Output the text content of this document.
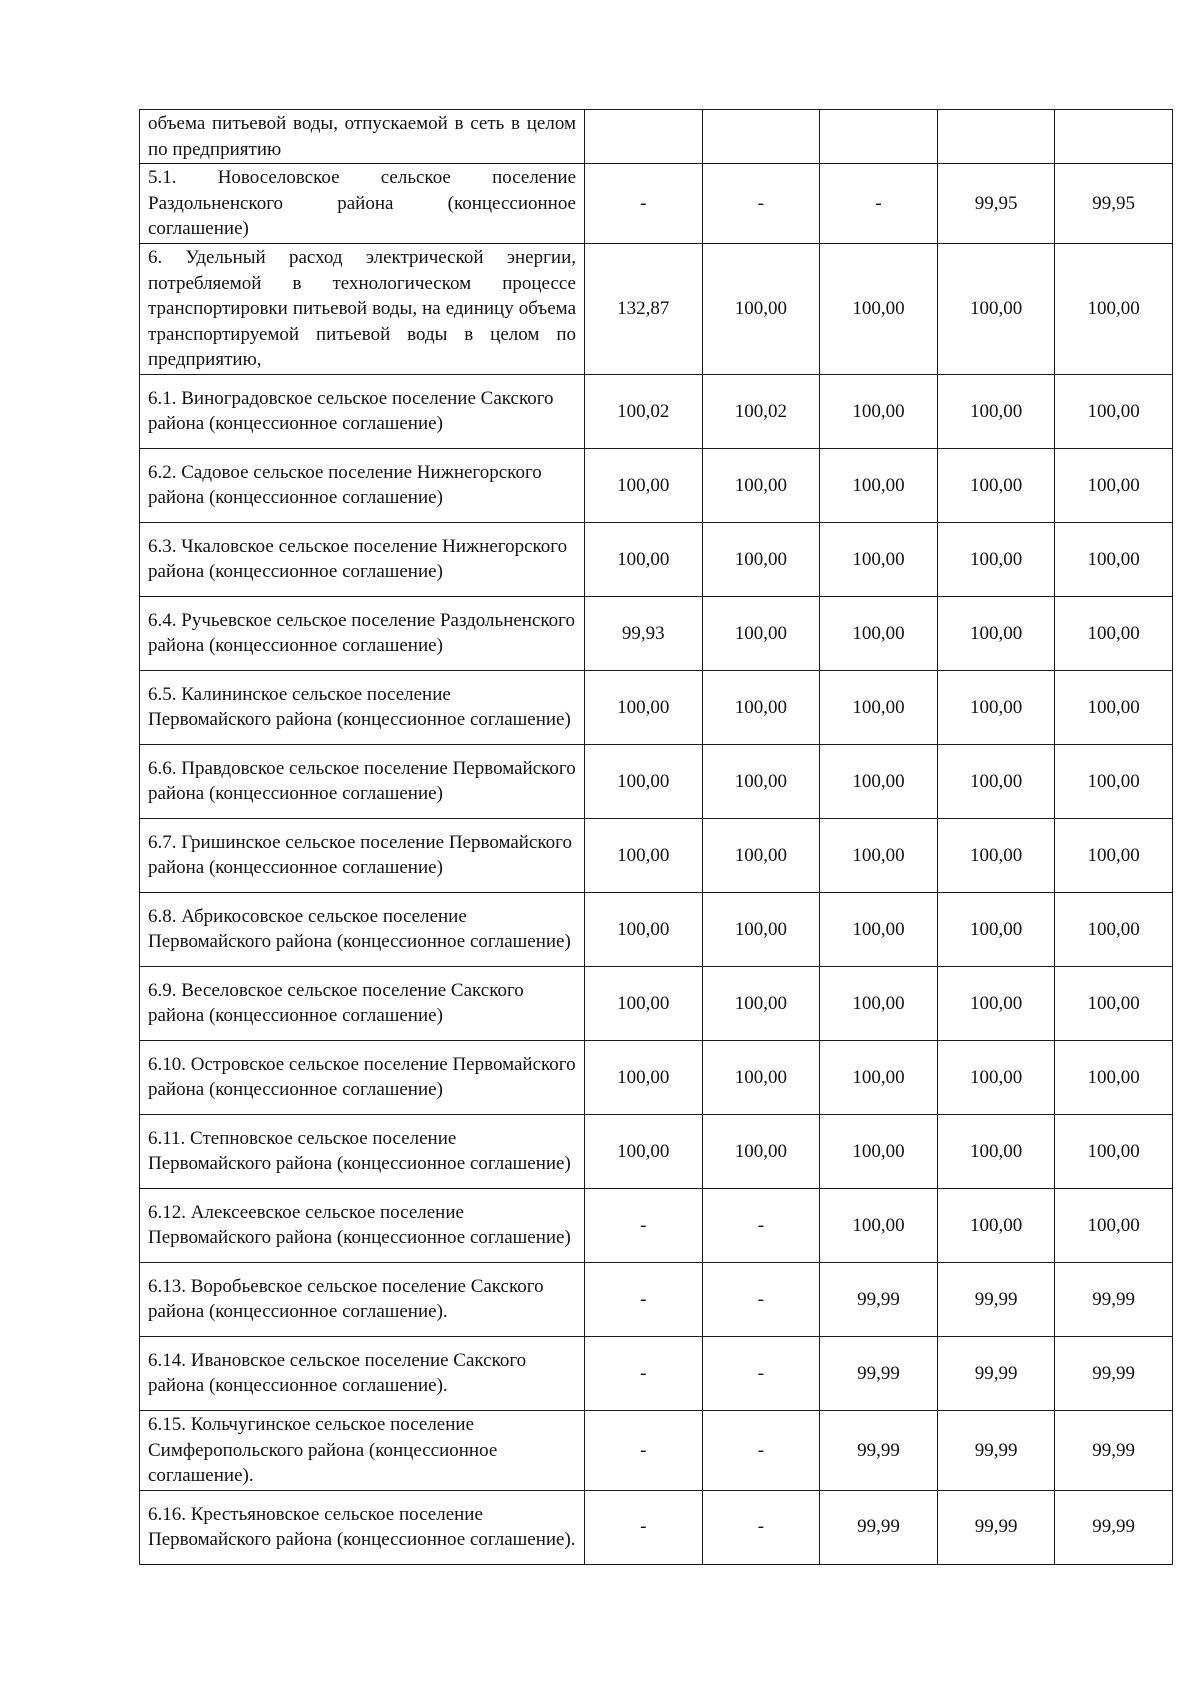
объема питьевой воды, отпускаемой в сеть в целом по предприятию					
5.1. Новоселовское сельское поселение Раздольненского района (концессионное соглашение)	-	-	-	99,95	99,95
6. Удельный расход электрической энергии, потребляемой в технологическом процессе транспортировки питьевой воды, на единицу объема транспортируемой питьевой воды в целом по предприятию,	132,87	100,00	100,00	100,00	100,00
6.1. Виноградовское сельское поселение Сакского района (концессионное соглашение)	100,02	100,02	100,00	100,00	100,00
6.2. Садовое сельское поселение Нижнегорского района (концессионное соглашение)	100,00	100,00	100,00	100,00	100,00
6.3. Чкаловское сельское поселение Нижнегорского района (концессионное соглашение)	100,00	100,00	100,00	100,00	100,00
6.4. Ручьевское сельское поселение Раздольненского района (концессионное соглашение)	99,93	100,00	100,00	100,00	100,00
6.5. Калининское сельское поселение Первомайского района (концессионное соглашение)	100,00	100,00	100,00	100,00	100,00
6.6. Правдовское сельское поселение Первомайского района (концессионное соглашение)	100,00	100,00	100,00	100,00	100,00
6.7. Гришинское сельское поселение Первомайского района (концессионное соглашение)	100,00	100,00	100,00	100,00	100,00
6.8. Абрикосовское сельское поселение Первомайского района (концессионное соглашение)	100,00	100,00	100,00	100,00	100,00
6.9. Веселовское сельское поселение Сакского района (концессионное соглашение)	100,00	100,00	100,00	100,00	100,00
6.10. Островское сельское поселение Первомайского района (концессионное соглашение)	100,00	100,00	100,00	100,00	100,00
6.11. Степновское сельское поселение Первомайского района (концессионное соглашение)	100,00	100,00	100,00	100,00	100,00
6.12. Алексеевское сельское поселение Первомайского района (концессионное соглашение)	-	-	100,00	100,00	100,00
6.13. Воробьевское сельское поселение Сакского района (концессионное соглашение).	-	-	99,99	99,99	99,99
6.14. Ивановское сельское поселение Сакского района (концессионное соглашение).	-	-	99,99	99,99	99,99
6.15. Кольчугинское сельское поселение Симферопольского района (концессионное соглашение).	-	-	99,99	99,99	99,99
6.16. Крестьяновское сельское поселение Первомайского района (концессионное соглашение).	-	-	99,99	99,99	99,99
